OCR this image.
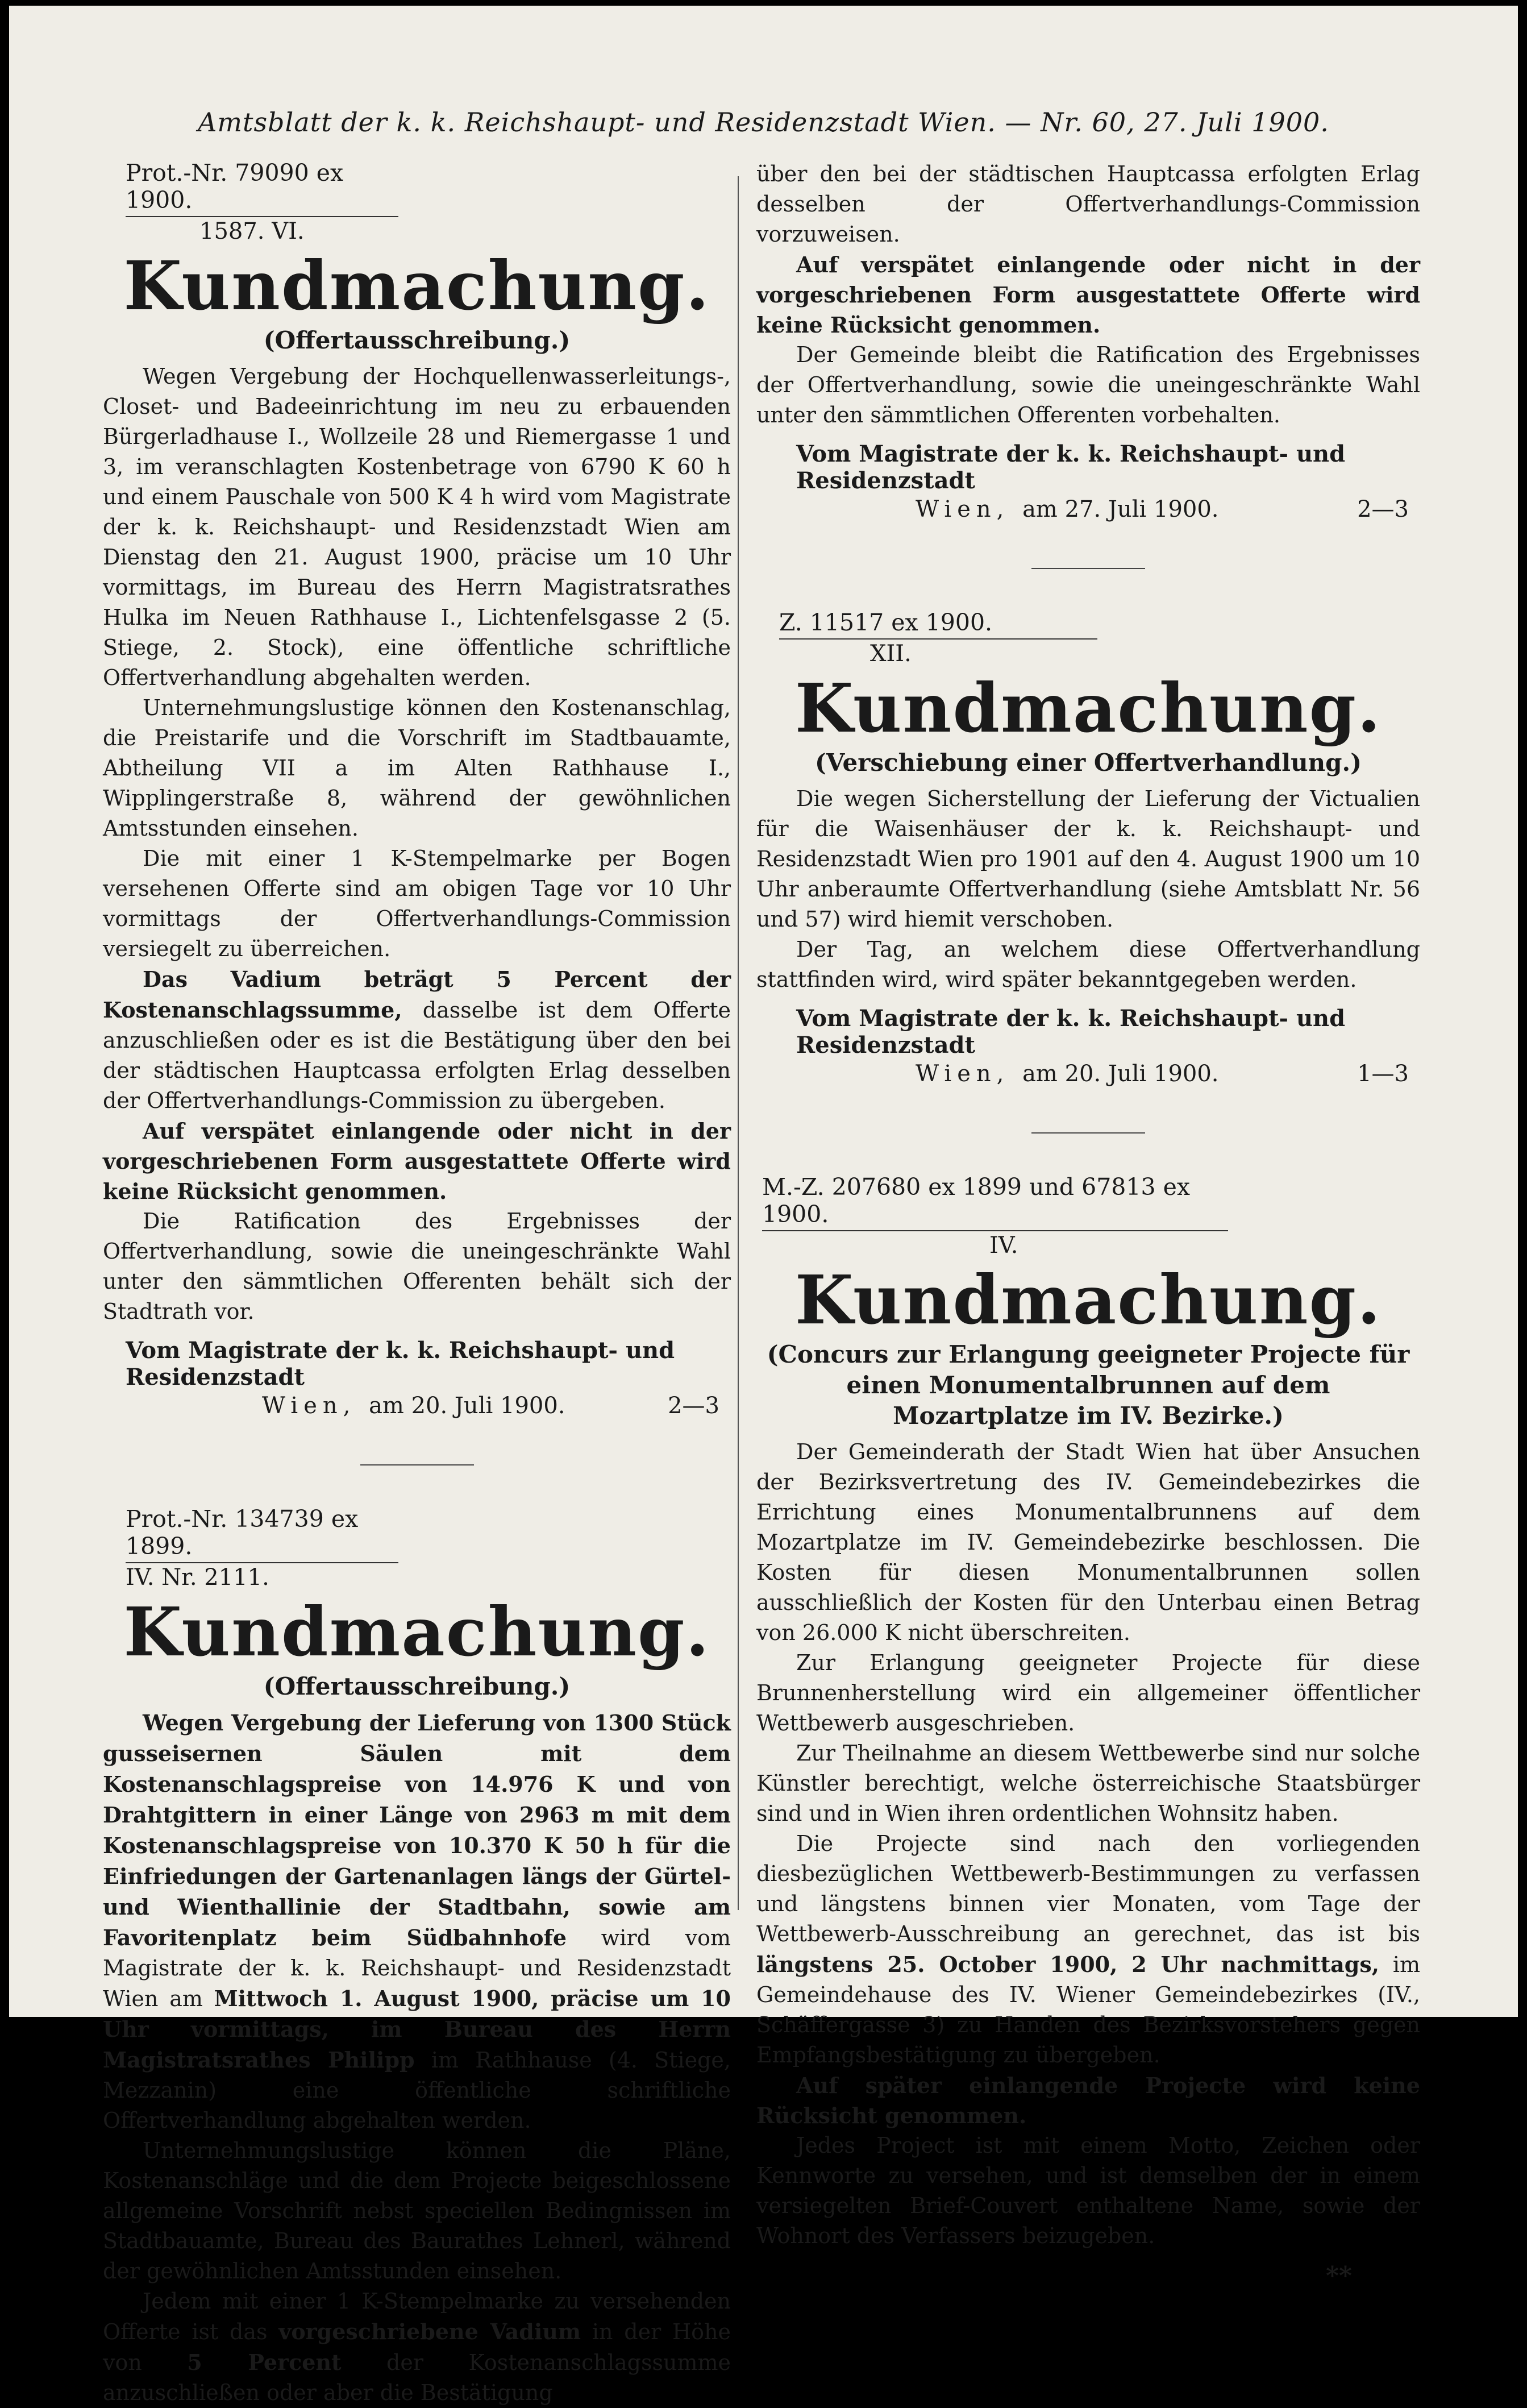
Amtsblatt der k. k. Reichshaupt- und Residenzstadt Wien. — Nr. 60, 27. Juli 1900.
Prot.-Nr. 79090 ex 1900.
1587. VI.
Kundmachung.
(Offertausschreibung.)

Wegen Vergebung der Hochquellenwasserleitungs-, Closet- und Badeeinrichtung im neu zu erbauenden Bürgerladhause I., Wollzeile 28 und Riemergasse 1 und 3, im veranschlagten Kostenbetrage von 6790 K 60 h und einem Pauschale von 500 K 4 h wird vom Magistrate der k. k. Reichshaupt- und Residenzstadt Wien am Dienstag den 21. August 1900, präcise um 10 Uhr vormittags, im Bureau des Herrn Magistratsrathes Hulka im Neuen Rathhause I., Lichtenfelsgasse 2 (5. Stiege, 2. Stock), eine öffentliche schriftliche Offertverhandlung abgehalten werden.

Unternehmungslustige können den Kostenanschlag, die Preistarife und die Vorschrift im Stadtbauamte, Abtheilung VII a im Alten Rathhause I., Wipplingerstraße 8, während der gewöhnlichen Amtsstunden einsehen.

Die mit einer 1 K-Stempelmarke per Bogen versehenen Offerte sind am obigen Tage vor 10 Uhr vormittags der Offertverhandlungs-Commission versiegelt zu überreichen.

Das Vadium beträgt 5 Percent der Kostenanschlagssumme, dasselbe ist dem Offerte anzuschließen oder es ist die Bestätigung über den bei der städtischen Hauptcassa erfolgten Erlag desselben der Offertverhandlungs-Commission zu übergeben.

Auf verspätet einlangende oder nicht in der vorgeschriebenen Form ausgestattete Offerte wird keine Rücksicht genommen.

Die Ratification des Ergebnisses der Offertverhandlung, sowie die uneingeschränkte Wahl unter den sämmtlichen Offerenten behält sich der Stadtrath vor.

Vom Magistrate der k. k. Reichshaupt- und Residenzstadt
Wien, am 20. Juli 1900.	2—3
Prot.-Nr. 134739 ex 1899.
IV. Nr. 2111.
Kundmachung.
(Offertausschreibung.)

Wegen Vergebung der Lieferung von 1300 Stück gusseisernen Säulen mit dem Kostenanschlagspreise von 14.976 K und von Drahtgittern in einer Länge von 2963 m mit dem Kostenanschlagspreise von 10.370 K 50 h für die Einfriedungen der Gartenanlagen längs der Gürtel- und Wienthallinie der Stadtbahn, sowie am Favoritenplatz beim Südbahnhofe wird vom Magistrate der k. k. Reichshaupt- und Residenzstadt Wien am Mittwoch 1. August 1900, präcise um 10 Uhr vormittags, im Bureau des Herrn Magistratsrathes Philipp im Rathhause (4. Stiege, Mezzanin) eine öffentliche schriftliche Offertverhandlung abgehalten werden.

Unternehmungslustige können die Pläne, Kostenanschläge und die dem Projecte beigeschlossene allgemeine Vorschrift nebst speciellen Bedingnissen im Stadtbauamte, Bureau des Baurathes Lehnerl, während der gewöhnlichen Amtsstunden einsehen.

Jedem mit einer 1 K-Stempelmarke zu versehenden Offerte ist das vorgeschriebene Vadium in der Höhe von 5 Percent der Kostenanschlagssumme anzuschließen oder aber die Bestätigung

über den bei der städtischen Hauptcassa erfolgten Erlag desselben der Offertverhandlungs-Commission vorzuweisen.

Auf verspätet einlangende oder nicht in der vorgeschriebenen Form ausgestattete Offerte wird keine Rücksicht genommen.

Der Gemeinde bleibt die Ratification des Ergebnisses der Offertverhandlung, sowie die uneingeschränkte Wahl unter den sämmtlichen Offerenten vorbehalten.

Vom Magistrate der k. k. Reichshaupt- und Residenzstadt
Wien, am 27. Juli 1900.	2—3
Z. 11517 ex 1900.
XII.
Kundmachung.
(Verschiebung einer Offertverhandlung.)

Die wegen Sicherstellung der Lieferung der Victualien für die Waisenhäuser der k. k. Reichshaupt- und Residenzstadt Wien pro 1901 auf den 4. August 1900 um 10 Uhr anberaumte Offertverhandlung (siehe Amtsblatt Nr. 56 und 57) wird hiemit verschoben.

Der Tag, an welchem diese Offertverhandlung stattfinden wird, wird später bekanntgegeben werden.

Vom Magistrate der k. k. Reichshaupt- und Residenzstadt
Wien, am 20. Juli 1900.	1—3
M.-Z. 207680 ex 1899 und 67813 ex 1900.
IV.
Kundmachung.
(Concurs zur Erlangung geeigneter Projecte für einen Monumentalbrunnen auf dem Mozartplatze im IV. Bezirke.)

Der Gemeinderath der Stadt Wien hat über Ansuchen der Bezirksvertretung des IV. Gemeindebezirkes die Errichtung eines Monumentalbrunnens auf dem Mozartplatze im IV. Gemeindebezirke beschlossen. Die Kosten für diesen Monumentalbrunnen sollen ausschließlich der Kosten für den Unterbau einen Betrag von 26.000 K nicht überschreiten.

Zur Erlangung geeigneter Projecte für diese Brunnenherstellung wird ein allgemeiner öffentlicher Wettbewerb ausgeschrieben.

Zur Theilnahme an diesem Wettbewerbe sind nur solche Künstler berechtigt, welche österreichische Staatsbürger sind und in Wien ihren ordentlichen Wohnsitz haben.

Die Projecte sind nach den vorliegenden diesbezüglichen Wettbewerb-Bestimmungen zu verfassen und längstens binnen vier Monaten, vom Tage der Wettbewerb-Ausschreibung an gerechnet, das ist bis längstens 25. October 1900, 2 Uhr nachmittags, im Gemeindehause des IV. Wiener Gemeindebezirkes (IV., Schäffergasse 3) zu Handen des Bezirksvorstehers gegen Empfangsbestätigung zu übergeben.

Auf später einlangende Projecte wird keine Rücksicht genommen.

Jedes Project ist mit einem Motto, Zeichen oder Kennworte zu versehen, und ist demselben der in einem versiegelten Brief-Couvert enthaltene Name, sowie der Wohnort des Verfassers beizugeben.

**
